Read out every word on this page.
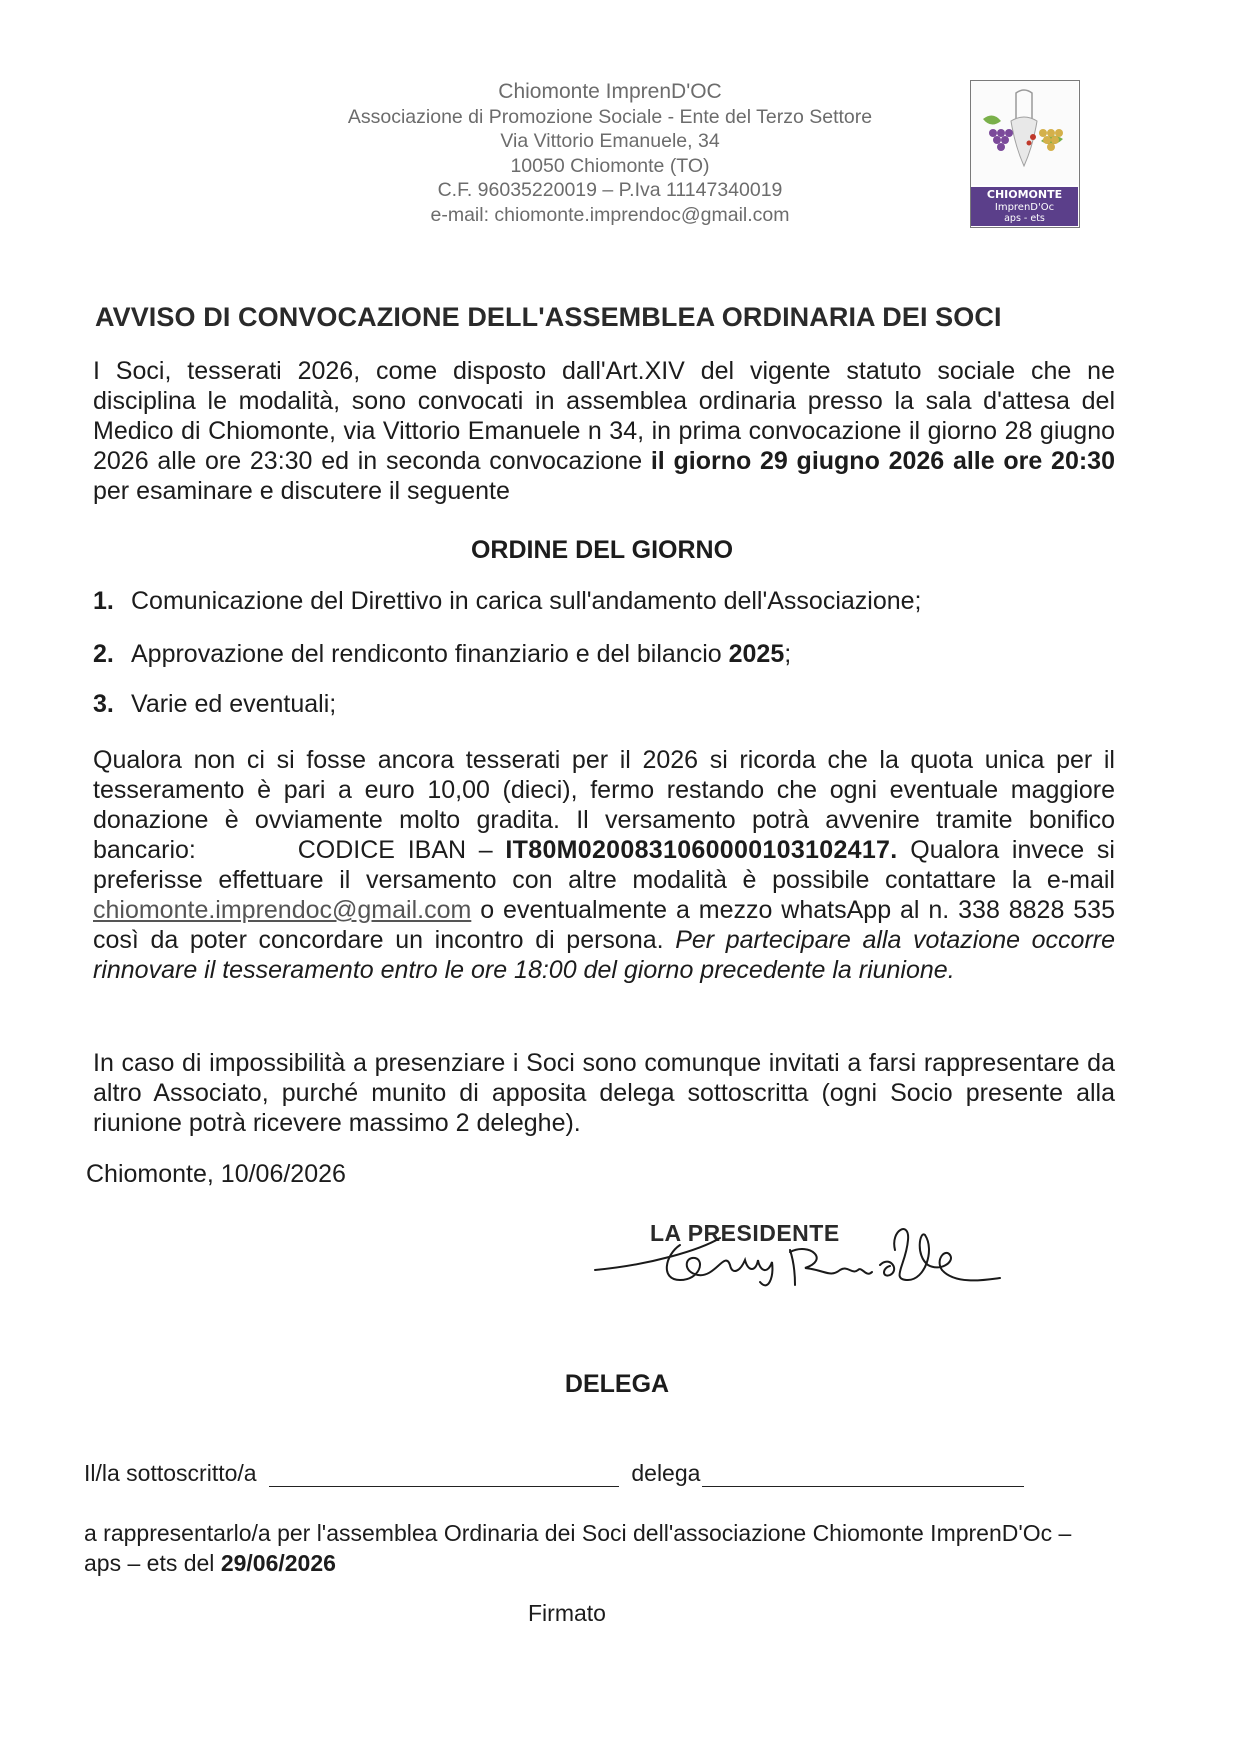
Chiomonte ImprenD'OC
Associazione di Promozione Sociale - Ente del Terzo Settore
Via Vittorio Emanuele, 34
10050 Chiomonte (TO)
C.F. 96035220019 – P.Iva 11147340019
e-mail: chiomonte.imprendoc@gmail.com
CHIOMONTE
ImprenD'Oc
aps - ets
AVVISO DI CONVOCAZIONE DELL'ASSEMBLEA ORDINARIA DEI SOCI
I Soci, tesserati 2026, come disposto dall'Art.XIV del vigente statuto sociale che ne disciplina le modalità, sono convocati in assemblea ordinaria presso la sala d'attesa del Medico di Chiomonte, via Vittorio Emanuele n 34, in prima convocazione il giorno 28 giugno 2026 alle ore 23:30 ed in seconda convocazione il giorno 29 giugno 2026 alle ore 20:30 per esaminare e discutere il seguente
ORDINE DEL GIORNO
1. Comunicazione del Direttivo in carica sull'andamento dell'Associazione;
2. Approvazione del rendiconto finanziario e del bilancio 2025;
3. Varie ed eventuali;
Qualora non ci si fosse ancora tesserati per il 2026 si ricorda che la quota unica per il tesseramento è pari a euro 10,00 (dieci), fermo restando che ogni eventuale maggiore donazione è ovviamente molto gradita. Il versamento potrà avvenire tramite bonifico bancario:	CODICE IBAN – IT80M0200831060000103102417. Qualora invece si preferisse effettuare il versamento con altre modalità è possibile contattare la e-mail chiomonte.imprendoc@gmail.com o eventualmente a mezzo whatsApp al n. 338 8828 535 così da poter concordare un incontro di persona. Per partecipare alla votazione occorre rinnovare il tesseramento entro le ore 18:00 del giorno precedente la riunione.
In caso di impossibilità a presenziare i Soci sono comunque invitati a farsi rappresentare da altro Associato, purché munito di apposita delega sottoscritta (ogni Socio presente alla riunione potrà ricevere massimo 2 deleghe).
Chiomonte, 10/06/2026
LA PRESIDENTE
DELEGA
Il/la sottoscritto/a	delega
a rappresentarlo/a per l'assemblea Ordinaria dei Soci dell'associazione Chiomonte ImprenD'Oc – aps – ets del 29/06/2026
Firmato
